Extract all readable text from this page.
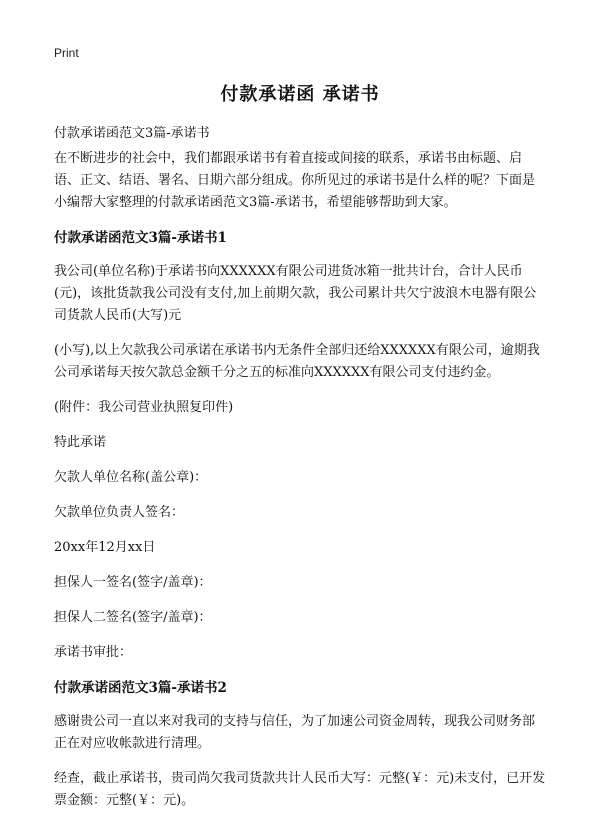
Print
付款承诺函 承诺书
付款承诺函范文3篇-承诺书

在不断进步的社会中，我们都跟承诺书有着直接或间接的联系，承诺书由标题、启语、正文、结语、署名、日期六部分组成。你所见过的承诺书是什么样的呢？下面是小编帮大家整理的付款承诺函范文3篇-承诺书，希望能够帮助到大家。

付款承诺函范文3篇-承诺书1

我公司(单位名称)于承诺书向XXXXXX有限公司进货冰箱一批共计台，合计人民币(元)，该批货款我公司没有支付,加上前期欠款，我公司累计共欠宁波浪木电器有限公司货款人民币(大写)元

(小写),以上欠款我公司承诺在承诺书内无条件全部归还给XXXXXX有限公司，逾期我公司承诺每天按欠款总金额千分之五的标准向XXXXXX有限公司支付违约金。

(附件：我公司营业执照复印件)

特此承诺

欠款人单位名称(盖公章)：

欠款单位负责人签名：

20xx年12月xx日

担保人一签名(签字/盖章)：

担保人二签名(签字/盖章)：

承诺书审批：

付款承诺函范文3篇-承诺书2

感谢贵公司一直以来对我司的支持与信任，为了加速公司资金周转，现我公司财务部正在对应收帐款进行清理。

经查，截止承诺书，贵司尚欠我司货款共计人民币大写：元整(￥：元)未支付，已开发票金额：元整(￥：元)。
